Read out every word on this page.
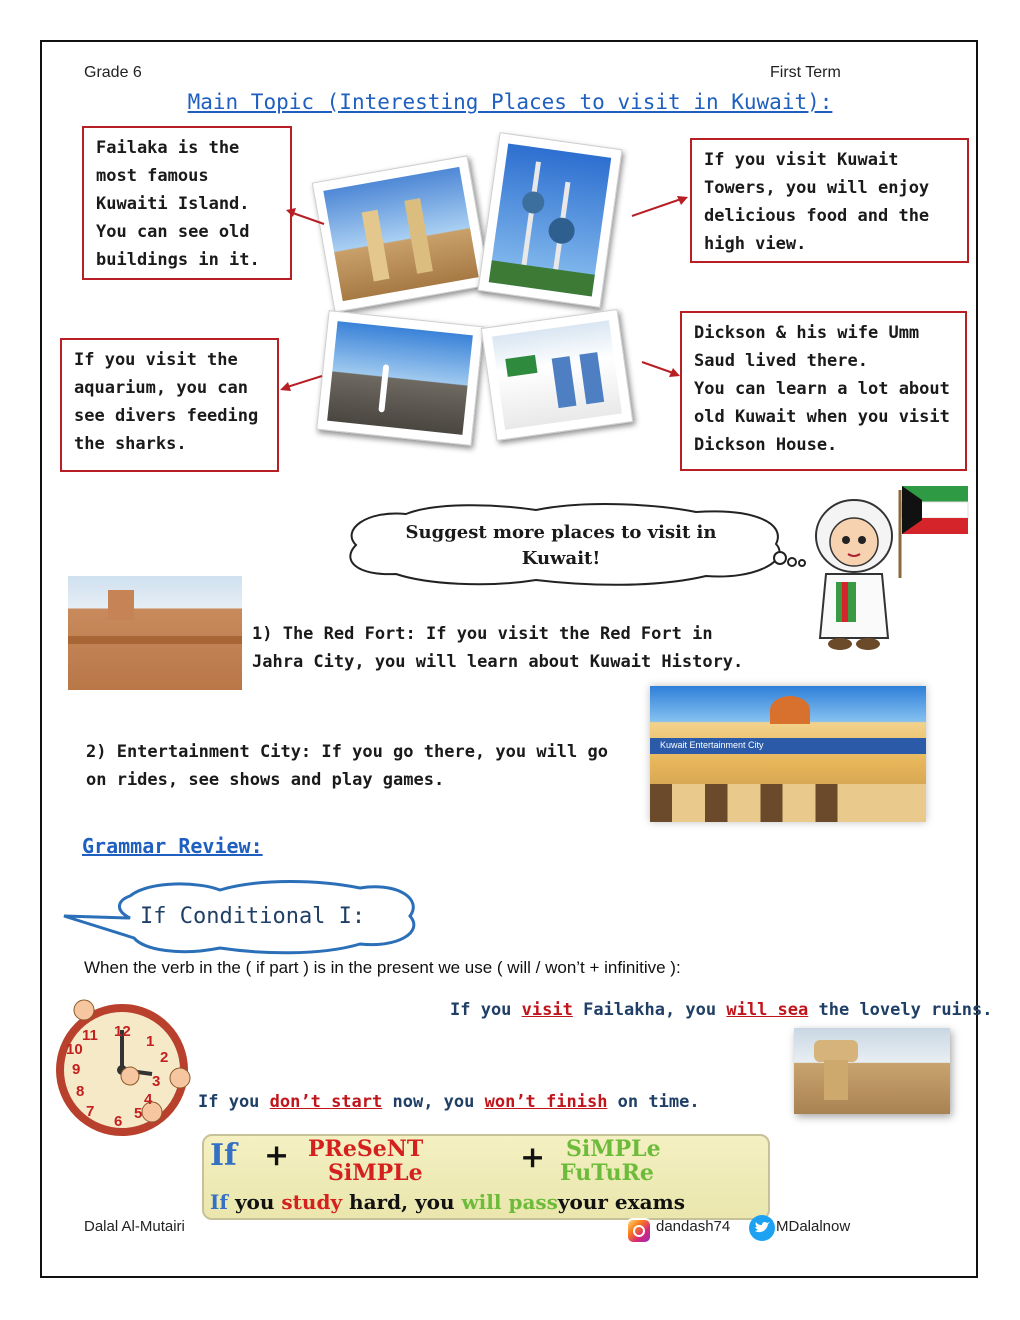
Grade 6	First Term
Main Topic (Interesting Places to visit in Kuwait):
Failaka is the
most famous
Kuwaiti Island.
You can see old
buildings in it.
If you visit Kuwait
Towers, you will enjoy
delicious food and the
high view.
If you visit the
aquarium, you can
see divers feeding
the sharks.
Dickson & his wife Umm
Saud lived there.
You can learn a lot about
old Kuwait when you visit
Dickson House.
Suggest more places to visit in
Kuwait!
1) The Red Fort: If you visit the Red Fort in
Jahra City, you will learn about Kuwait History.
Kuwait Entertainment City
2) Entertainment City: If you go there, you will go
on rides, see shows and play games.
Grammar Review:
If Conditional I:
When the verb in the ( if part ) is in the present we use ( will / won’t + infinitive ):
If you visit Failakha, you will sea the lovely ruins.
12
1
2
3
4
5
6
7
8
9
10
11
If you don’t start now, you won’t finish on time.
If + PReSeNT
SiMPLe	+ SiMPLe
FuTuRe
If you study hard, you will passyour exams
Dalal Al-Mutairi	dandash74	MDalalnow
